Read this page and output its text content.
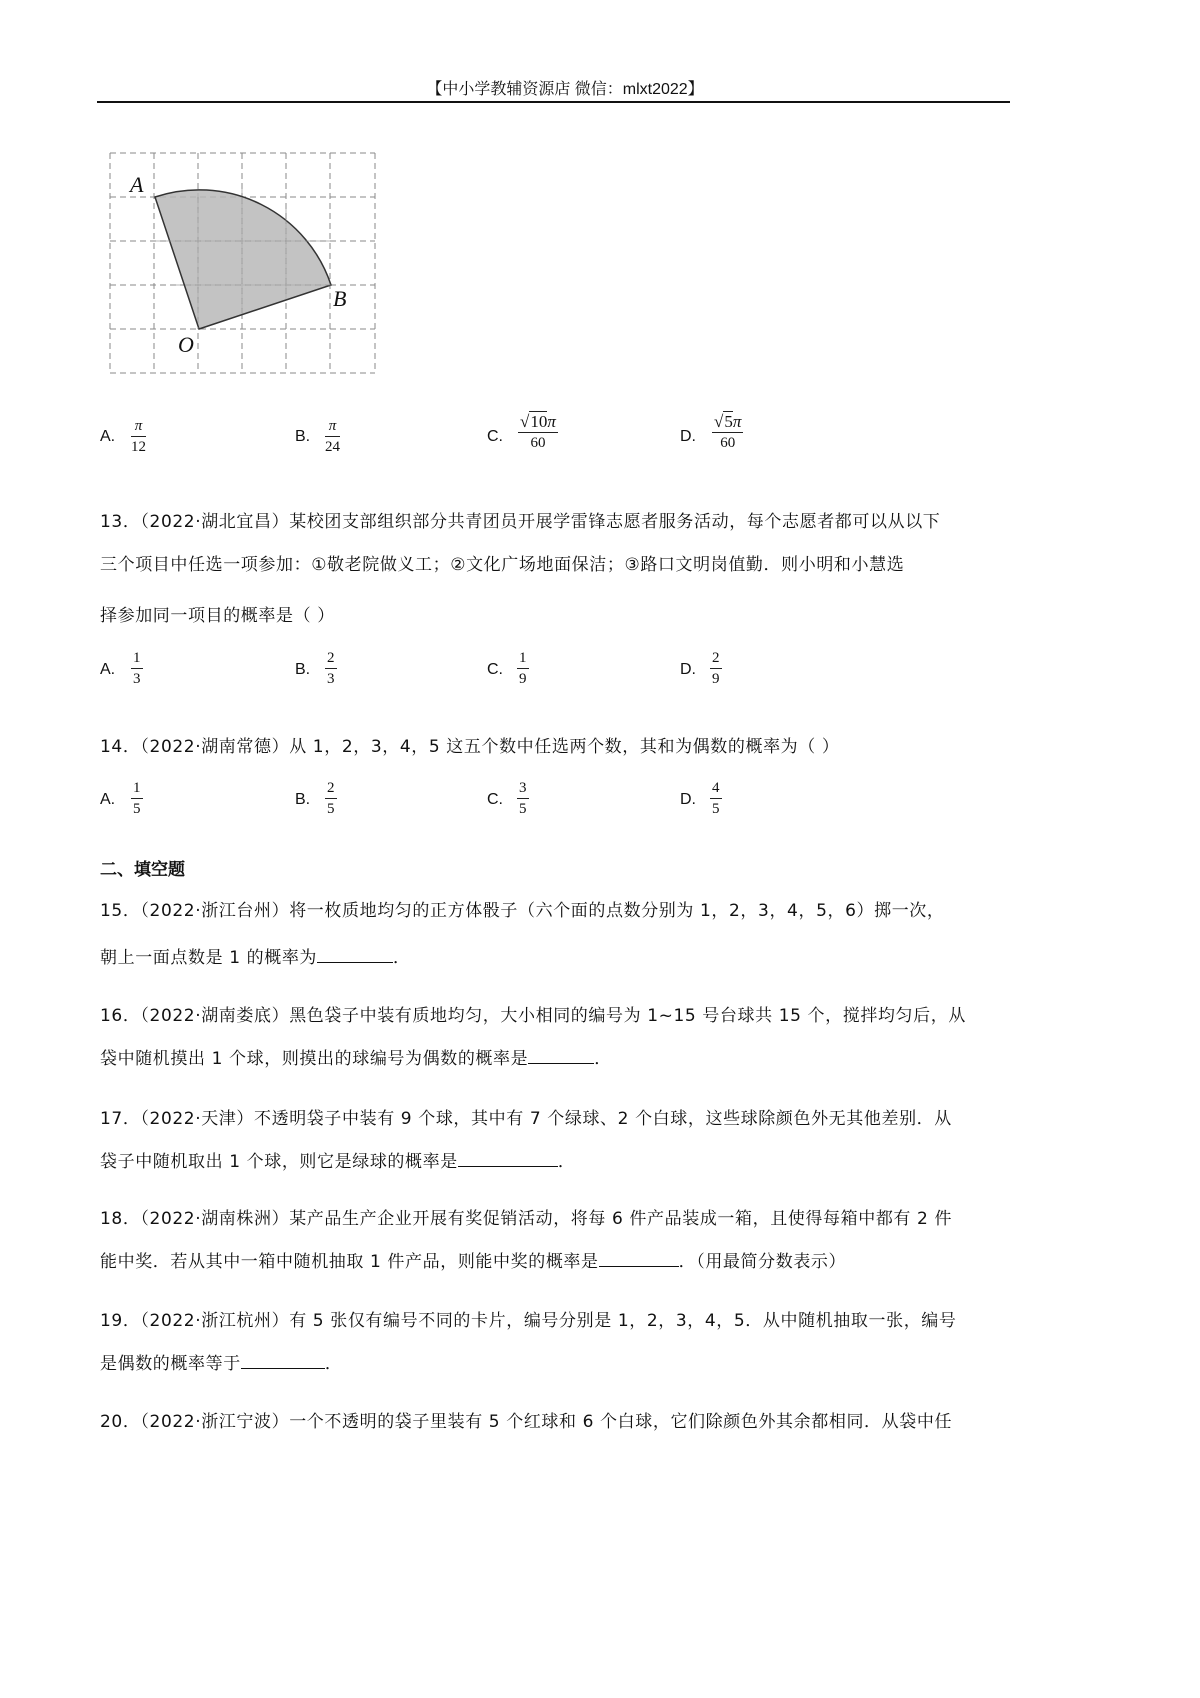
【中小学教辅资源店 微信：mlxt2022】
A
B
O
A.
π
12
B.
π
24
C.
√10π
60	D.
√5π
60
13．（2022·湖北宜昌）某校团支部组织部分共青团员开展学雷锋志愿者服务活动，每个志愿者都可以从以下
三个项目中任选一项参加：①敬老院做义工；②文化广场地面保洁；③路口文明岗值勤．则小明和小慧选
择参加同一项目的概率是（ ）
A.
1
3
B.
2
3
C.
1
9
D.
2
9
14．（2022·湖南常德）从 1，2，3，4，5 这五个数中任选两个数，其和为偶数的概率为（ ）
A.
1
5
B.
2
5
C.
3
5
D.
4
5
二、填空题
15．（2022·浙江台州）将一枚质地均匀的正方体骰子（六个面的点数分别为 1，2，3，4，5，6）掷一次，
朝上一面点数是 1 的概率为	．
16．（2022·湖南娄底）黑色袋子中装有质地均匀，大小相同的编号为 1~15 号台球共 15 个，搅拌均匀后，从
袋中随机摸出 1 个球，则摸出的球编号为偶数的概率是	．
17．（2022·天津）不透明袋子中装有 9 个球，其中有 7 个绿球、2 个白球，这些球除颜色外无其他差别．从
袋子中随机取出 1 个球，则它是绿球的概率是	．
18．（2022·湖南株洲）某产品生产企业开展有奖促销活动，将每 6 件产品装成一箱，且使得每箱中都有 2 件
能中奖．若从其中一箱中随机抽取 1 件产品，则能中奖的概率是	．（用最简分数表示）
19．（2022·浙江杭州）有 5 张仅有编号不同的卡片，编号分别是 1，2，3，4，5．从中随机抽取一张，编号
是偶数的概率等于	．
20．（2022·浙江宁波）一个不透明的袋子里装有 5 个红球和 6 个白球，它们除颜色外其余都相同．从袋中任
